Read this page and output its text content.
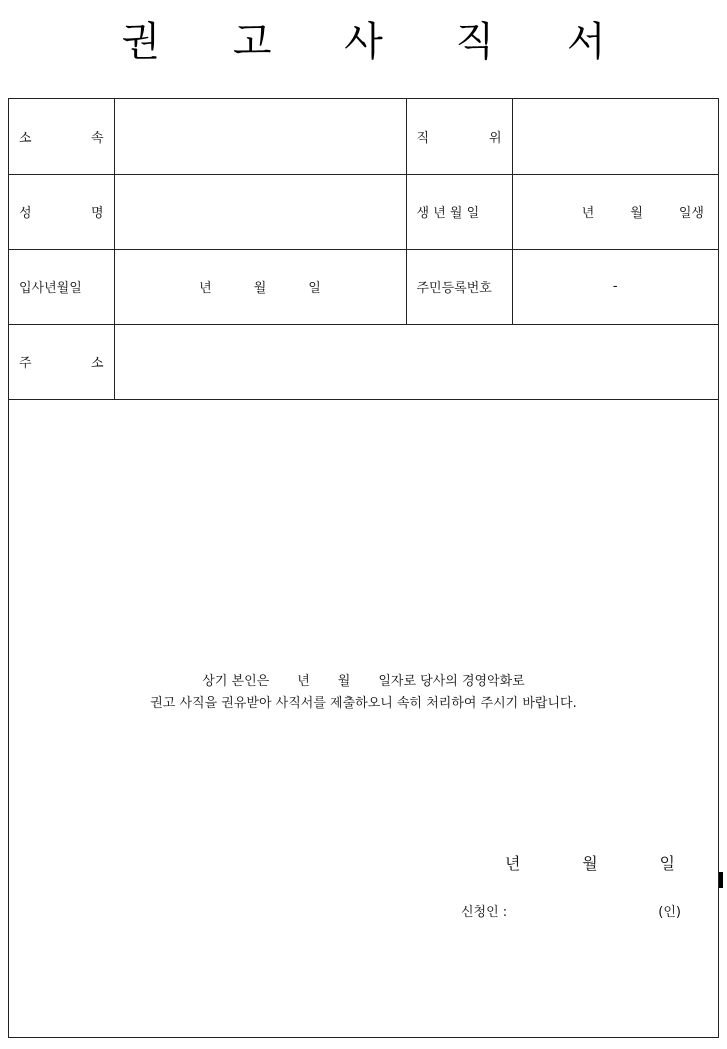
권 고 사 직 서
소 속		직 위	

성 명		생 년 월 일	년 월 일생

입사년월일	년 월 일	주민등록번호	-

주 소			

상기 본인은 년 월 일자로 당사의 경영악화로
권고 사직을 권유받아 사직서를 제출하오니 속히 처리하여 주시기 바랍니다.
년	월	일
신청인 :	(인)
